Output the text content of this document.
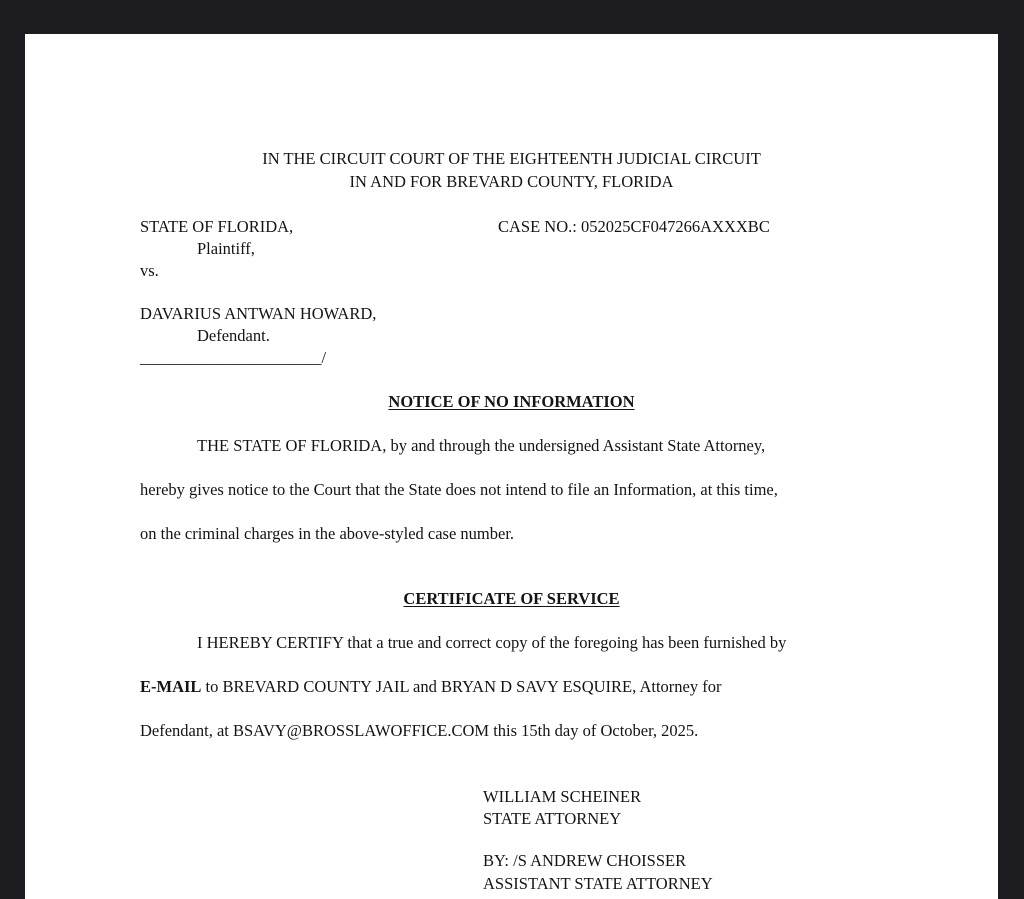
IN THE CIRCUIT COURT OF THE EIGHTEENTH JUDICIAL CIRCUIT
IN AND FOR BREVARD COUNTY, FLORIDA
STATE OF FLORIDA,	CASE NO.: 052025CF047266AXXXBC
Plaintiff,
vs.
DAVARIUS ANTWAN HOWARD,
Defendant.
______________________/
NOTICE OF NO INFORMATION
THE STATE OF FLORIDA, by and through the undersigned Assistant State Attorney,
hereby gives notice to the Court that the State does not intend to file an Information, at this time,
on the criminal charges in the above-styled case number.
CERTIFICATE OF SERVICE
I HEREBY CERTIFY that a true and correct copy of the foregoing has been furnished by
E-MAIL to BREVARD COUNTY JAIL and BRYAN D SAVY ESQUIRE, Attorney for
Defendant, at BSAVY@BROSSLAWOFFICE.COM this 15th day of October, 2025.
WILLIAM SCHEINER
STATE ATTORNEY
BY: /S ANDREW CHOISSER
ASSISTANT STATE ATTORNEY
